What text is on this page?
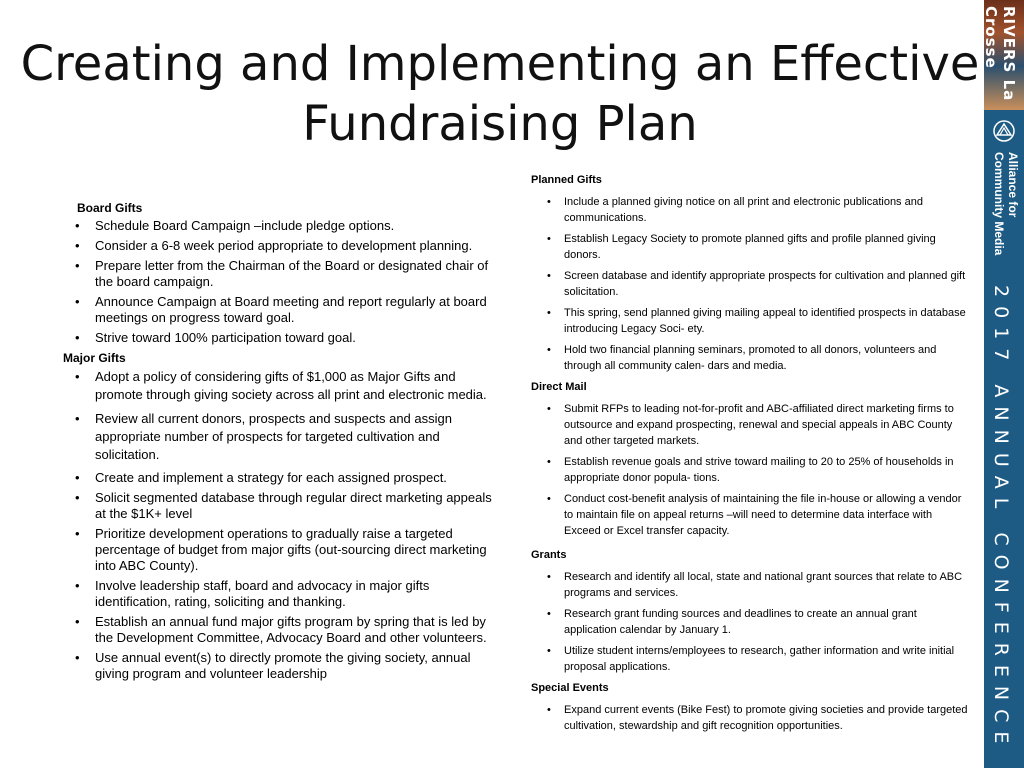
Creating and Implementing an Effective
Fundraising Plan
Board Gifts
• Schedule Board Campaign –include pledge options.
• Consider a 6-8 week period appropriate to development planning.
• Prepare letter from the Chairman of the Board or designated chair of the board campaign.
• Announce Campaign at Board meeting and report regularly at board meetings on progress toward goal.
• Strive toward 100% participation toward goal.
Major Gifts
• Adopt a policy of considering gifts of $1,000 as Major Gifts and promote through giving society across all print and electronic media.
• Review all current donors, prospects and suspects and assign appropriate number of prospects for targeted cultivation and solicitation.
• Create and implement a strategy for each assigned prospect.
• Solicit segmented database through regular direct marketing appeals at the $1K+ level
• Prioritize development operations to gradually raise a targeted percentage of budget from major gifts (out-sourcing direct marketing into ABC County).
• Involve leadership staff, board and advocacy in major gifts identification, rating, soliciting and thanking.
• Establish an annual fund major gifts program by spring that is led by the Development Committee, Advocacy Board and other volunteers.
• Use annual event(s) to directly promote the giving society, annual giving program and volunteer leadership
Planned Gifts
• Include a planned giving notice on all print and electronic publications and communications.
• Establish Legacy Society to promote planned gifts and profile planned giving donors.
• Screen database and identify appropriate prospects for cultivation and planned gift solicitation.
• This spring, send planned giving mailing appeal to identified prospects in database introducing Legacy Soci- ety.
• Hold two financial planning seminars, promoted to all donors, volunteers and through all community calen- dars and media.
Direct Mail
• Submit RFPs to leading not-for-profit and ABC-affiliated direct marketing firms to outsource and expand prospecting, renewal and special appeals in ABC County and other targeted markets.
• Establish revenue goals and strive toward mailing to 20 to 25% of households in appropriate donor popula- tions.
• Conduct cost-benefit analysis of maintaining the file in-house or allowing a vendor to maintain file on appeal returns –will need to determine data interface with Exceed or Excel transfer capacity.
Grants
• Research and identify all local, state and national grant sources that relate to ABC programs and services.
• Research grant funding sources and deadlines to create an annual grant application calendar by January 1.
• Utilize student interns/employees to research, gather information and write initial proposal applications.
Special Events
• Expand current events (Bike Fest) to promote giving societies and provide targeted cultivation, stewardship and gift recognition opportunities.
RIVERS La Crosse
Alliance for
Community Media
2017 ANNUAL CONFERENCE
